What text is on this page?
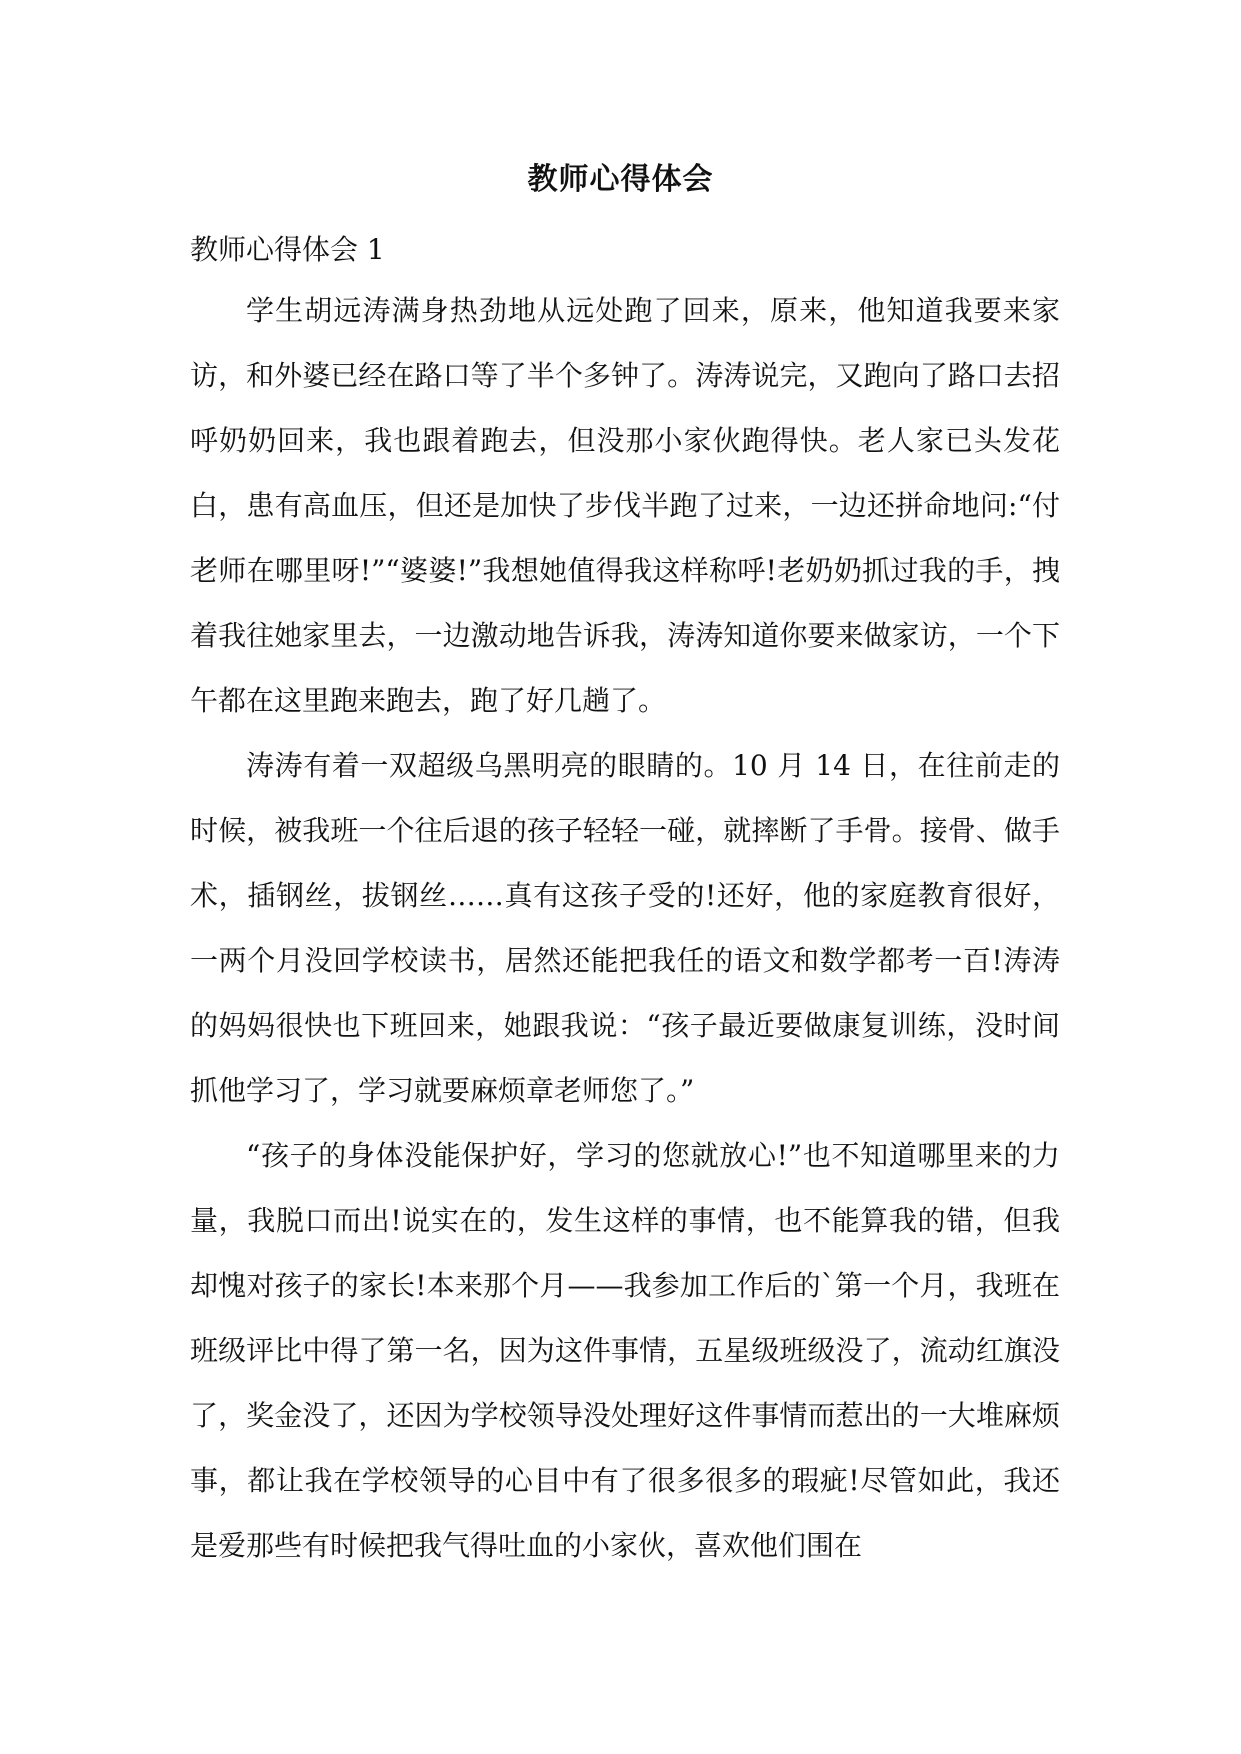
教师心得体会
教师心得体会 1

学生胡远涛满身热劲地从远处跑了回来，原来，他知道我要来家访，和外婆已经在路口等了半个多钟了。涛涛说完，又跑向了路口去招呼奶奶回来，我也跟着跑去，但没那小家伙跑得快。老人家已头发花白，患有高血压，但还是加快了步伐半跑了过来，一边还拼命地问:“付老师在哪里呀!”“婆婆!”我想她值得我这样称呼!老奶奶抓过我的手，拽着我往她家里去，一边激动地告诉我，涛涛知道你要来做家访，一个下午都在这里跑来跑去，跑了好几趟了。

涛涛有着一双超级乌黑明亮的眼睛的。10 月 14 日，在往前走的时候，被我班一个往后退的孩子轻轻一碰，就摔断了手骨。接骨、做手术，插钢丝，拔钢丝……真有这孩子受的!还好，他的家庭教育很好，一两个月没回学校读书，居然还能把我任的语文和数学都考一百!涛涛的妈妈很快也下班回来，她跟我说：“孩子最近要做康复训练，没时间抓他学习了，学习就要麻烦章老师您了。”

“孩子的身体没能保护好，学习的您就放心!”也不知道哪里来的力量，我脱口而出!说实在的，发生这样的事情，也不能算我的错，但我却愧对孩子的家长!本来那个月——我参加工作后的`第一个月，我班在班级评比中得了第一名，因为这件事情，五星级班级没了，流动红旗没了，奖金没了，还因为学校领导没处理好这件事情而惹出的一大堆麻烦事，都让我在学校领导的心目中有了很多很多的瑕疵!尽管如此，我还是爱那些有时候把我气得吐血的小家伙，喜欢他们围在
